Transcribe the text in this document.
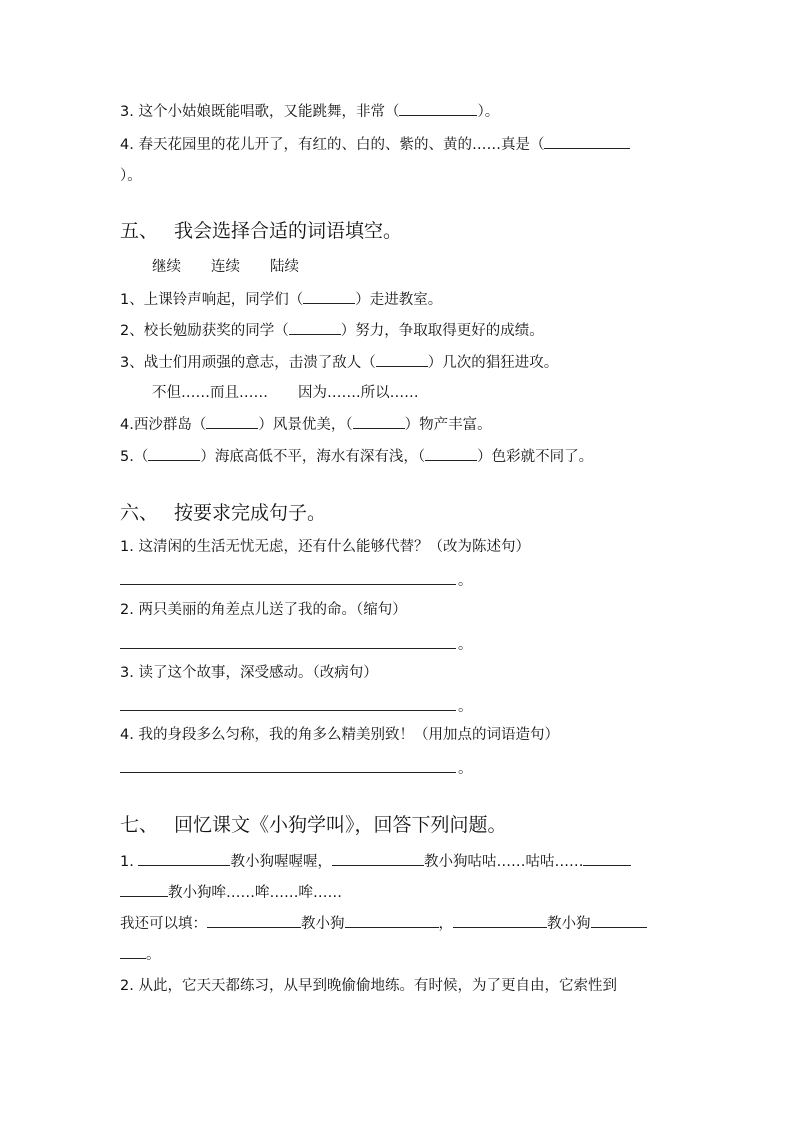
3. 这个小姑娘既能唱歌，又能跳舞，非常（	）。
4. 春天花园里的花儿开了，有红的、白的、紫的、黄的……真是（
）。
五、 我会选择合适的词语填空。
继续 连续 陆续
1、上课铃声响起，同学们（	）走进教室。
2、校长勉励获奖的同学（	）努力，争取取得更好的成绩。
3、战士们用顽强的意志，击溃了敌人（	）几次的猖狂进攻。
不但……而且…… 因为…….所以……
4.西沙群岛（	）风景优美，（	）物产丰富。
5.（	）海底高低不平，海水有深有浅，（	）色彩就不同了。
六、 按要求完成句子。
1. 这清闲的生活无忧无虑，还有什么能够代替？（改为陈述句）
。
2. 两只美丽的角差点儿送了我的命。（缩句）
。
3. 读了这个故事，深受感动。（改病句）
。
4. 我的身段多么匀称，我的角多么精美别致！（用加点的词语造句）
。
七、 回忆课文《小狗学叫》，回答下列问题。
1.	教小狗喔喔喔，	教小狗咕咕……咕咕……
教小狗哞……哞……哞……
我还可以填：	教小狗	，	教小狗
。
2. 从此，它天天都练习，从早到晚偷偷地练。有时候，为了更自由，它索性到
